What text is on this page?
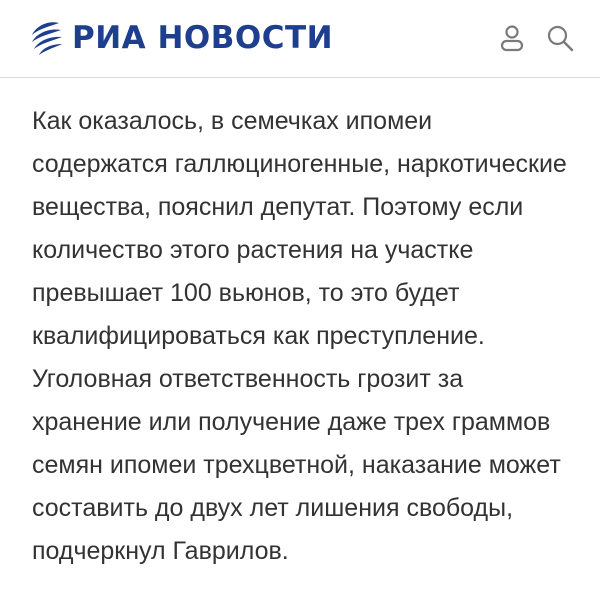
РИА НОВОСТИ

Как оказалось, в семечках ипомеи содержатся галлюциногенные, наркотические вещества, пояснил депутат. Поэтому если количество этого растения на участке превышает 100 вьюнов, то это будет квалифицироваться как преступление. Уголовная ответственность грозит за хранение или получение даже трех граммов семян ипомеи трехцветной, наказание может составить до двух лет лишения свободы, подчеркнул Гаврилов.
